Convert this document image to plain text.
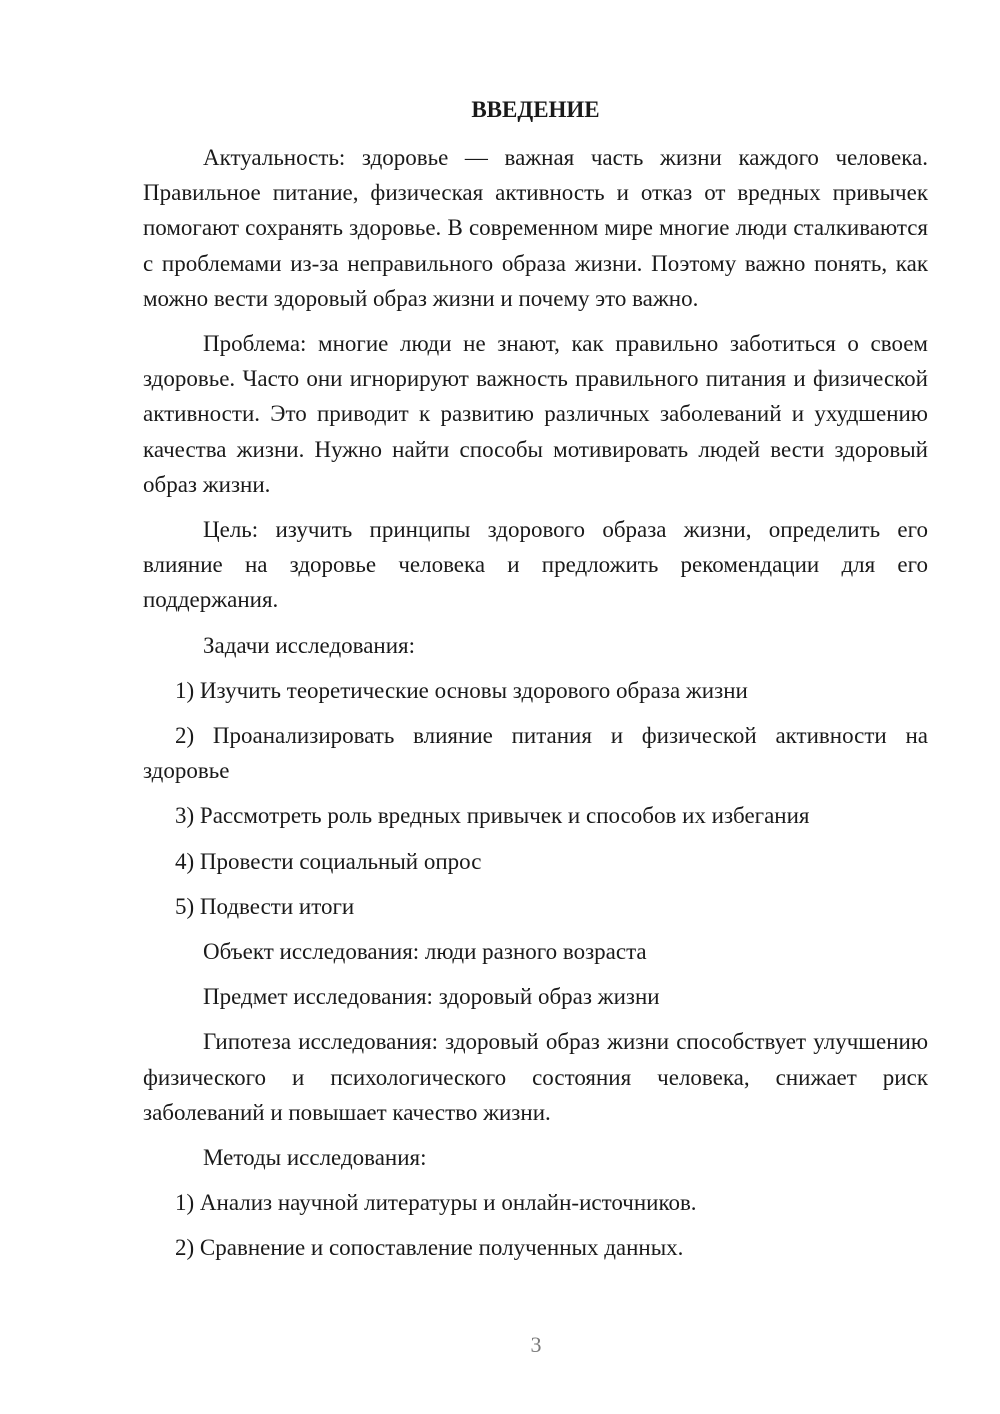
ВВЕДЕНИЕ

Актуальность: здоровье — важная часть жизни каждого человека. Правильное питание, физическая активность и отказ от вредных привычек помогают сохранять здоровье. В современном мире многие люди сталкиваются с проблемами из-за неправильного образа жизни. Поэтому важно понять, как можно вести здоровый образ жизни и почему это важно.

Проблема: многие люди не знают, как правильно заботиться о своем здоровье. Часто они игнорируют важность правильного питания и физической активности. Это приводит к развитию различных заболеваний и ухудшению качества жизни. Нужно найти способы мотивировать людей вести здоровый образ жизни.

Цель: изучить принципы здорового образа жизни, определить его влияние на здоровье человека и предложить рекомендации для его поддержания.

Задачи исследования:

1) Изучить теоретические основы здорового образа жизни

2) Проанализировать влияние питания и физической активности на здоровье

3) Рассмотреть роль вредных привычек и способов их избегания

4) Провести социальный опрос

5) Подвести итоги

Объект исследования: люди разного возраста

Предмет исследования: здоровый образ жизни

Гипотеза исследования: здоровый образ жизни способствует улучшению физического и психологического состояния человека, снижает риск заболеваний и повышает качество жизни.

Методы исследования:

1) Анализ научной литературы и онлайн-источников.

2) Сравнение и сопоставление полученных данных.

3
